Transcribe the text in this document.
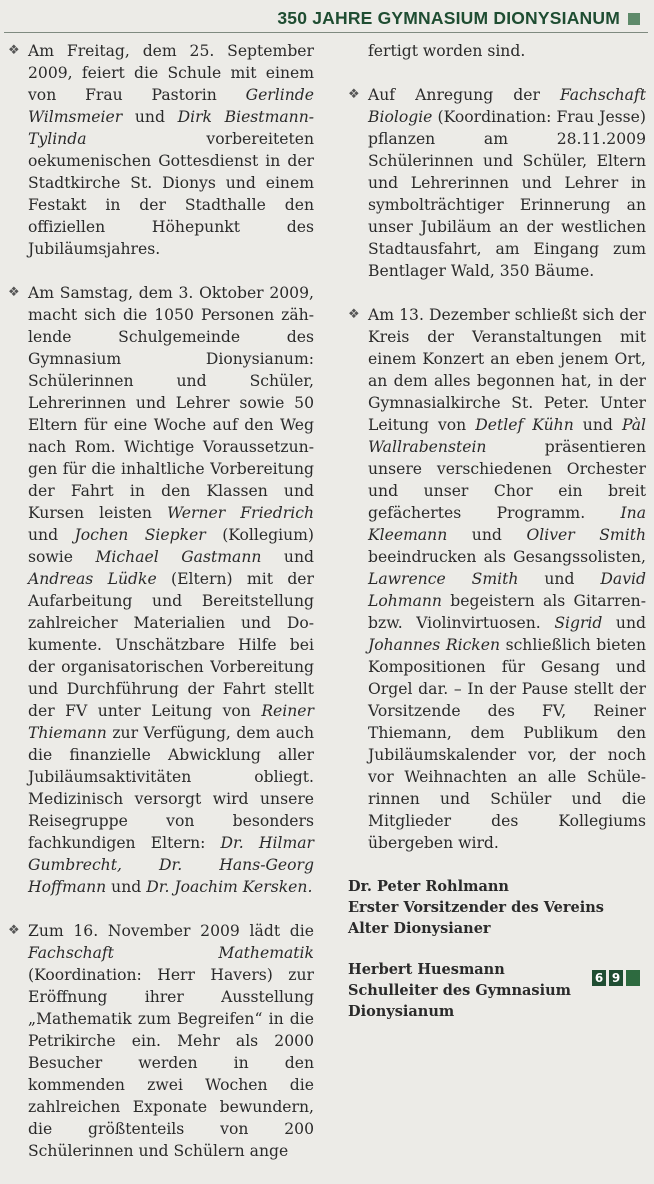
350 JAHRE GYMNASIUM DIONYSIANUM

❖ Am Freitag, dem 25. September 2009, feiert die Schule mit einem von Frau Pastorin Gerlinde Wilmsmeier und Dirk Biestmann-Tylinda vorbereiteten oekumenischen Gottesdienst in der Stadtkirche St. Dionys und einem Festakt in der Stadthalle den offiziellen Höhepunkt des Jubiläumsjahres.

❖ Am Samstag, dem 3. Oktober 2009, macht sich die 1050 Personen zählende Schulgemeinde des Gymnasium Dionysianum: Schülerinnen und Schüler, Lehrerinnen und Lehrer sowie 50 Eltern für eine Woche auf den Weg nach Rom. Wichtige Voraussetzungen für die inhaltliche Vorbereitung der Fahrt in den Klassen und Kursen leisten Werner Friedrich und Jochen Siepker (Kollegium) sowie Michael Gastmann und Andreas Lüdke (Eltern) mit der Aufarbeitung und Bereitstellung zahlreicher Materialien und Dokumente. Unschätzbare Hilfe bei der organisatorischen Vorbereitung und Durchführung der Fahrt stellt der FV unter Leitung von Reiner Thiemann zur Verfügung, dem auch die finanzielle Abwicklung aller Jubiläumsaktivitäten obliegt. Medizinisch versorgt wird unsere Reisegruppe von besonders fachkundigen Eltern: Dr. Hilmar Gumbrecht, Dr. Hans-Georg Hoffmann und Dr. Joachim Kersken.

❖ Zum 16. November 2009 lädt die Fachschaft Mathematik (Koordination: Herr Havers) zur Eröffnung ihrer Ausstellung „Mathematik zum Begreifen“ in die Petrikirche ein. Mehr als 2000 Besucher werden in den kommenden zwei Wochen die zahlreichen Exponate bewundern, die größtenteils von 200 Schülerinnen und Schülern ange

fertigt worden sind.

❖ Auf Anregung der Fachschaft Biologie (Koordination: Frau Jesse) pflanzen am 28.11.2009 Schülerinnen und Schüler, Eltern und Lehrerinnen und Lehrer in symbolträchtiger Erinnerung an unser Jubiläum an der westlichen Stadtausfahrt, am Eingang zum Bentlager Wald, 350 Bäume.

❖ Am 13. Dezember schließt sich der Kreis der Veranstaltungen mit einem Konzert an eben jenem Ort, an dem alles begonnen hat, in der Gymnasialkirche St. Peter. Unter Leitung von Detlef Kühn und Pàl Wallrabenstein präsentieren unsere verschiedenen Orchester und unser Chor ein breit gefächertes Programm. Ina Kleemann und Oliver Smith beeindrucken als Gesangssolisten, Lawrence Smith und David Lohmann begeistern als Gitarren- bzw. Violinvirtuosen. Sigrid und Johannes Ricken schließlich bieten Kompositionen für Gesang und Orgel dar. – In der Pause stellt der Vorsitzende des FV, Reiner Thiemann, dem Publikum den Jubiläumskalender vor, der noch vor Weihnachten an alle Schülerinnen und Schüler und die Mitglieder des Kollegiums übergeben wird.

Dr. Peter Rohlmann
Erster Vorsitzender des Vereins Alter Dionysianer

Herbert Huesmann
Schulleiter des Gymnasium Dionysianum

6 9
